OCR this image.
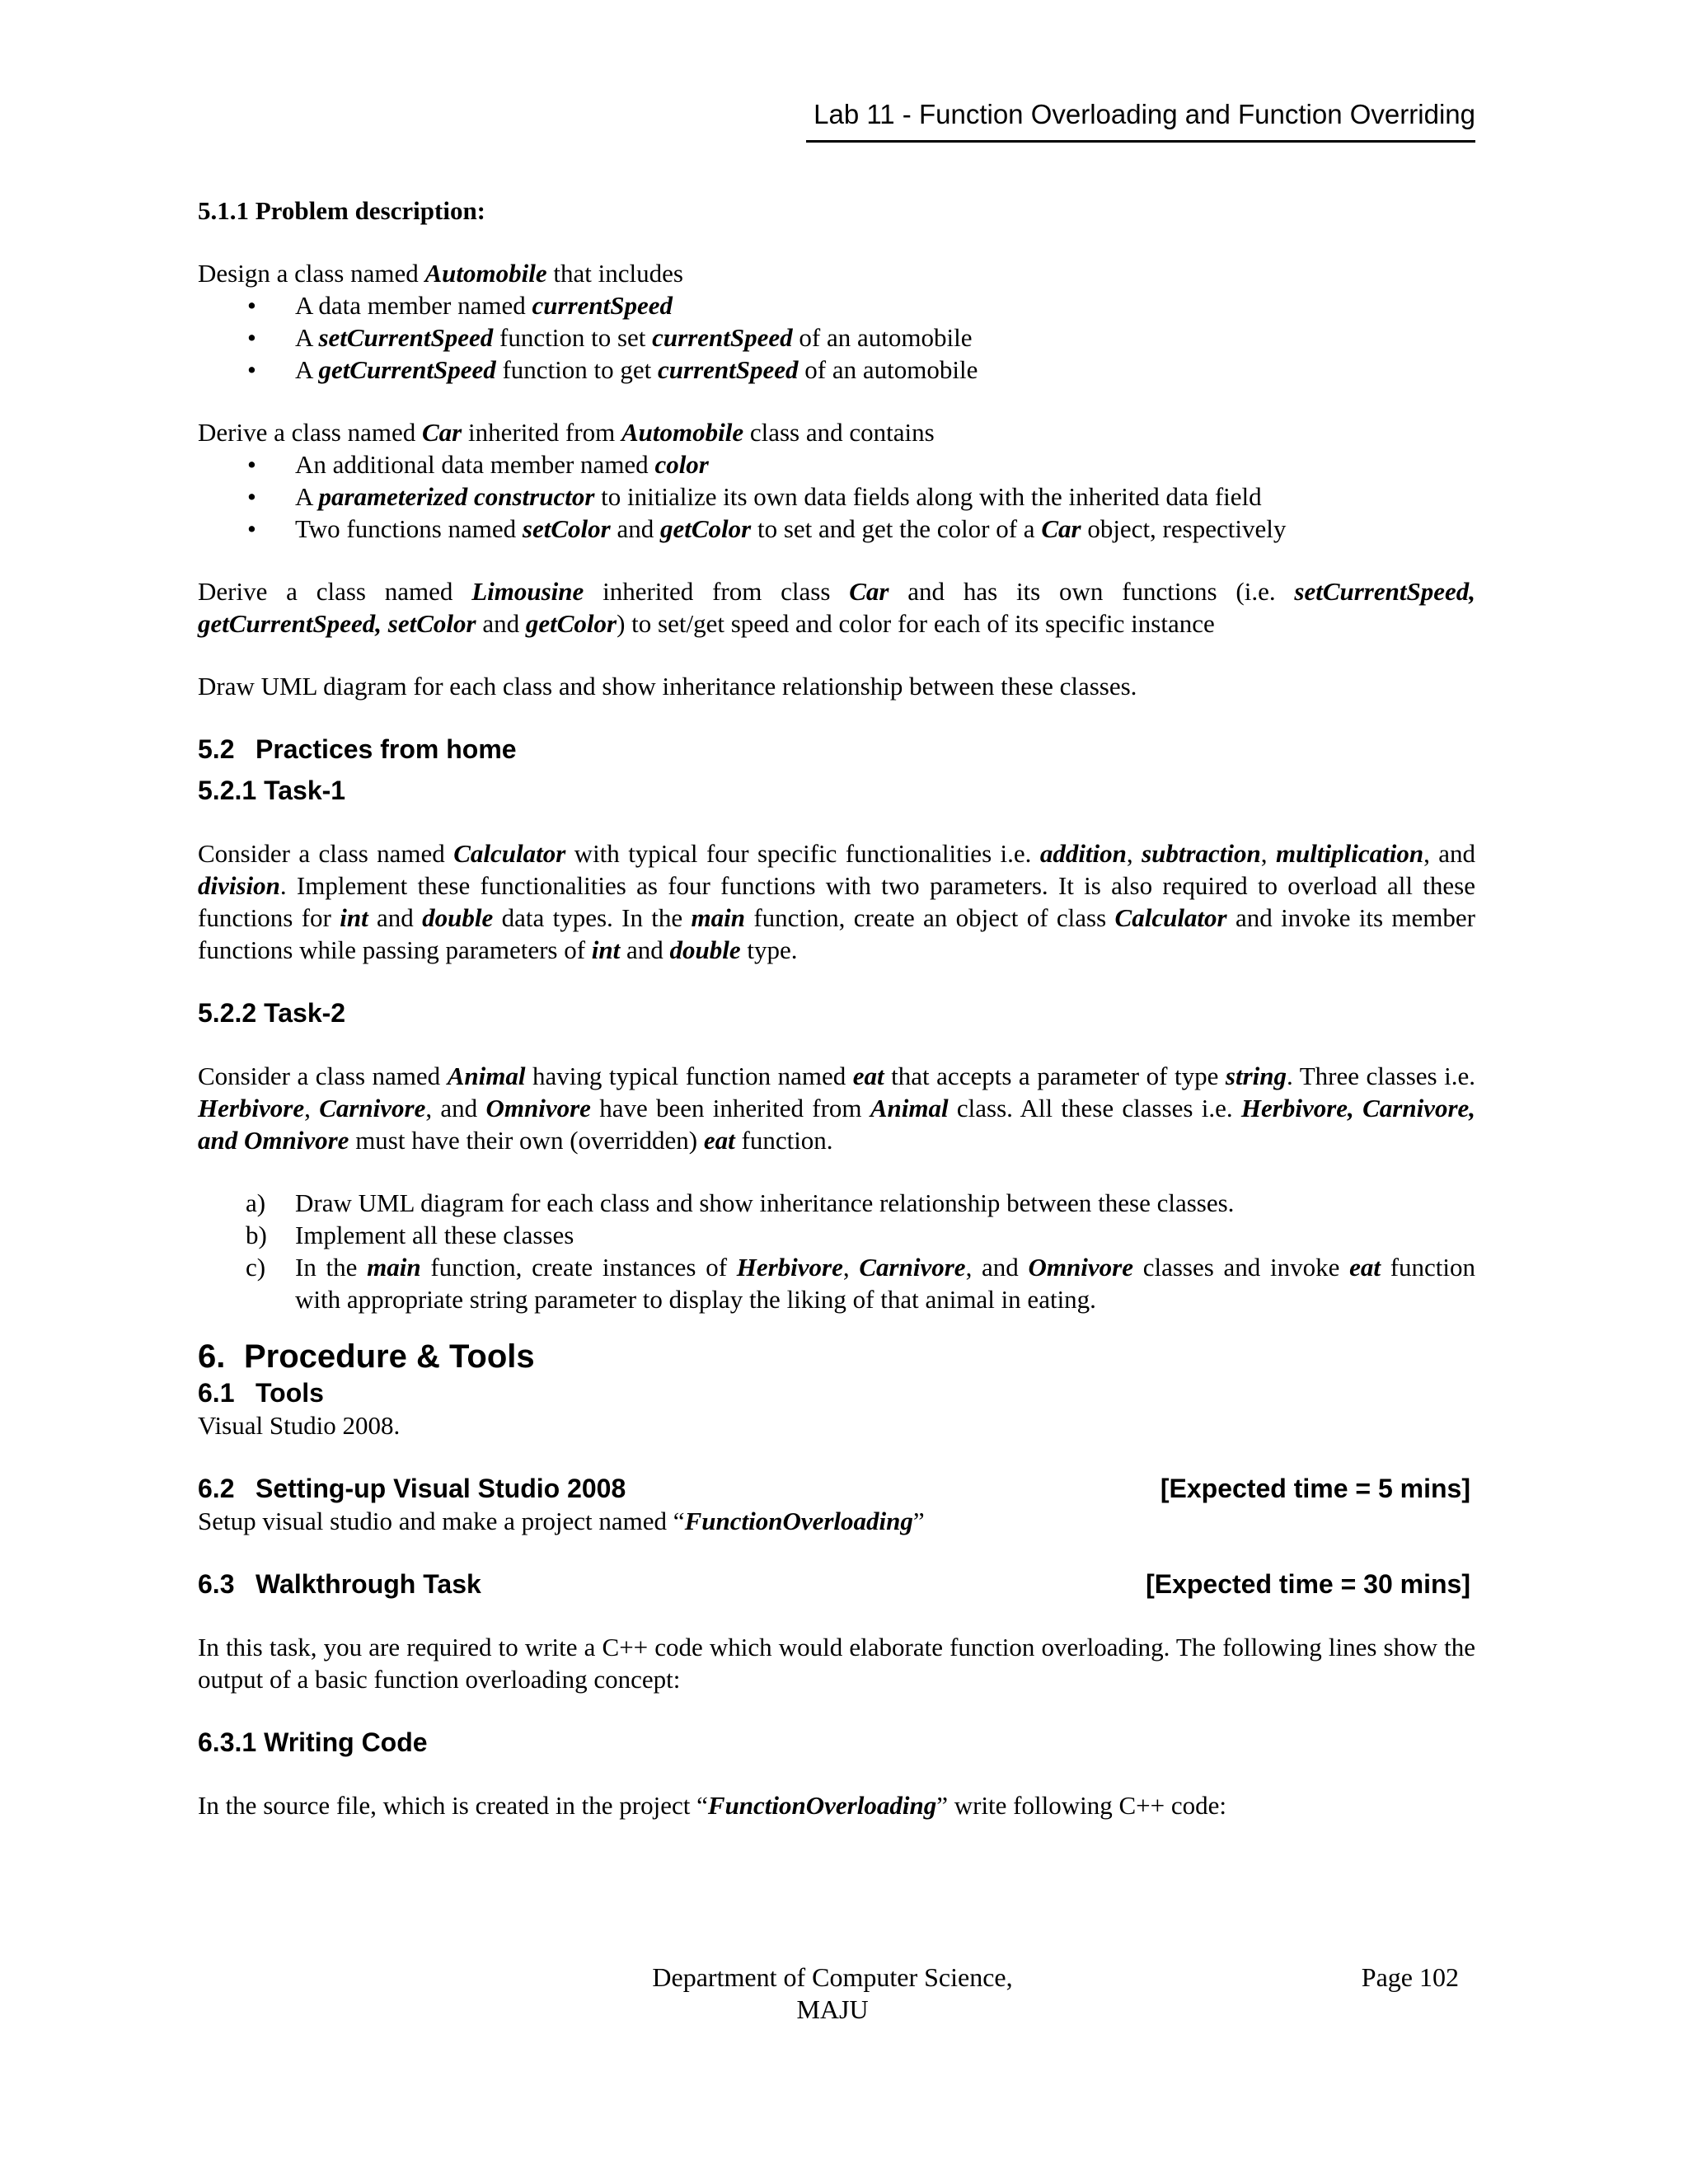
Lab 11 - Function Overloading and Function Overriding

5.1.1 Problem description:

Design a class named Automobile that includes

• A data member named currentSpeed
• A setCurrentSpeed function to set currentSpeed of an automobile
• A getCurrentSpeed function to get currentSpeed of an automobile

Derive a class named Car inherited from Automobile class and contains

• An additional data member named color
• A parameterized constructor to initialize its own data fields along with the inherited data field
• Two functions named setColor and getColor to set and get the color of a Car object, respectively

Derive a class named Limousine inherited from class Car and has its own functions (i.e. setCurrentSpeed, getCurrentSpeed, setColor and getColor) to set/get speed and color for each of its specific instance

Draw UML diagram for each class and show inheritance relationship between these classes.

5.2 Practices from home

5.2.1 Task-1

Consider a class named Calculator with typical four specific functionalities i.e. addition, subtraction, multiplication, and division. Implement these functionalities as four functions with two parameters. It is also required to overload all these functions for int and double data types. In the main function, create an object of class Calculator and invoke its member functions while passing parameters of int and double type.

5.2.2 Task-2

Consider a class named Animal having typical function named eat that accepts a parameter of type string. Three classes i.e. Herbivore, Carnivore, and Omnivore have been inherited from Animal class. All these classes i.e. Herbivore, Carnivore, and Omnivore must have their own (overridden) eat function.

a) Draw UML diagram for each class and show inheritance relationship between these classes.
b) Implement all these classes
c) In the main function, create instances of Herbivore, Carnivore, and Omnivore classes and invoke eat function with appropriate string parameter to display the liking of that animal in eating.

6. Procedure & Tools

6.1 Tools

Visual Studio 2008.

6.2 Setting-up Visual Studio 2008	[Expected time = 5 mins]

Setup visual studio and make a project named “FunctionOverloading”

6.3 Walkthrough Task	[Expected time = 30 mins]

In this task, you are required to write a C++ code which would elaborate function overloading. The following lines show the output of a basic function overloading concept:

6.3.1 Writing Code

In the source file, which is created in the project “FunctionOverloading” write following C++ code:

Department of Computer Science,
MAJU
Page 102
